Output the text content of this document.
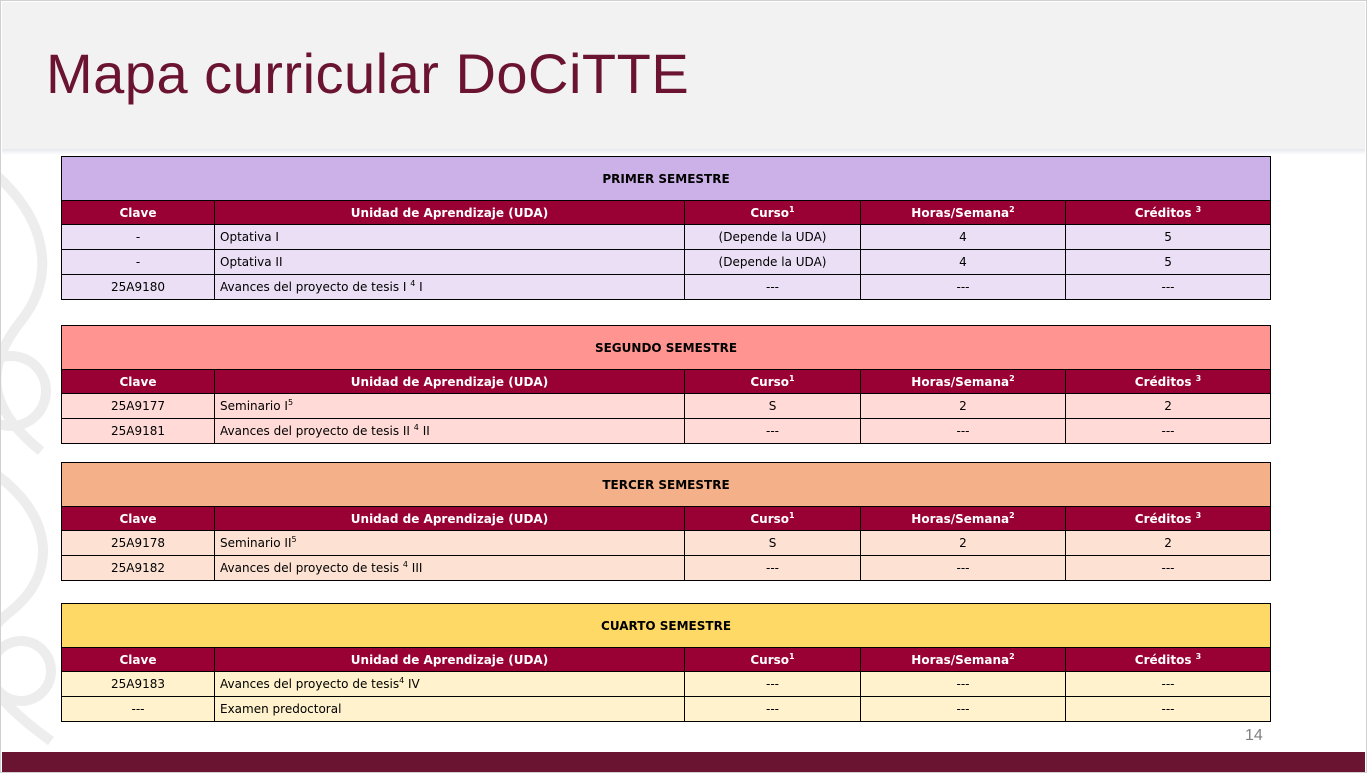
Mapa curricular DoCiTTE
PRIMER SEMESTRE				
Clave	Unidad de Aprendizaje (UDA)	Curso$^1$	Horas/Semana$^2$	Créditos $^3$
-	Optativa I	(Depende la UDA)	4	5
-	Optativa II	(Depende la UDA)	4	5
25A9180	Avances del proyecto de tesis I $^4$ I	---	---	---
SEGUNDO SEMESTRE				
Clave	Unidad de Aprendizaje (UDA)	Curso$^1$	Horas/Semana$^2$	Créditos $^3$
25A9177	Seminario $I^5$	S	2	2
25A9181	Avances del proyecto de tesis II $^4$ II	---	---	---
TERCER SEMESTRE				
Clave	Unidad de Aprendizaje (UDA)	Curso$^1$	Horas/Semana$^2$	Créditos $^3$
25A9178	Seminario $II^5$	S	2	2
25A9182	Avances del proyecto de tesis $^4$ III	---	---	---
CUARTO SEMESTRE				
Clave	Unidad de Aprendizaje (UDA)	Curso$^1$	Horas/Semana$^2$	Créditos $^3$
25A9183	Avances del proyecto de tesis$^4$ IV	---	---	---
---	Examen predoctoral	---	---	---
14
